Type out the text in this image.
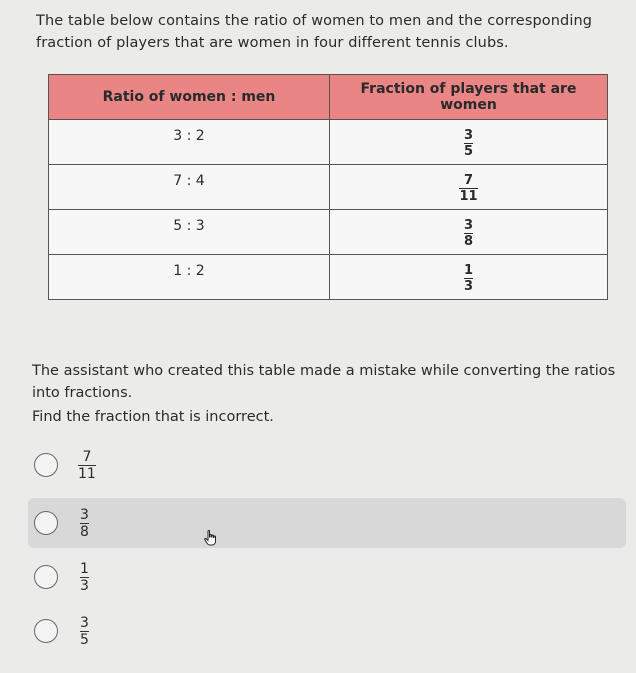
The table below contains the ratio of women to men and the corresponding
fraction of players that are women in four different tennis clubs.
Ratio of women : men	Fraction of players that are women
3 : 2	$\frac{3}{5}$

7 : 4	$\frac{7}{11}$

5 : 3	$\frac{3}{8}$

1 : 2	$\frac{1}{3}$
The assistant who created this table made a mistake while converting the ratios
into fractions.
Find the fraction that is incorrect.
$\frac{7}{11}$
$\frac{3}{8}$
$\frac{1}{3}$
$\frac{3}{5}$
